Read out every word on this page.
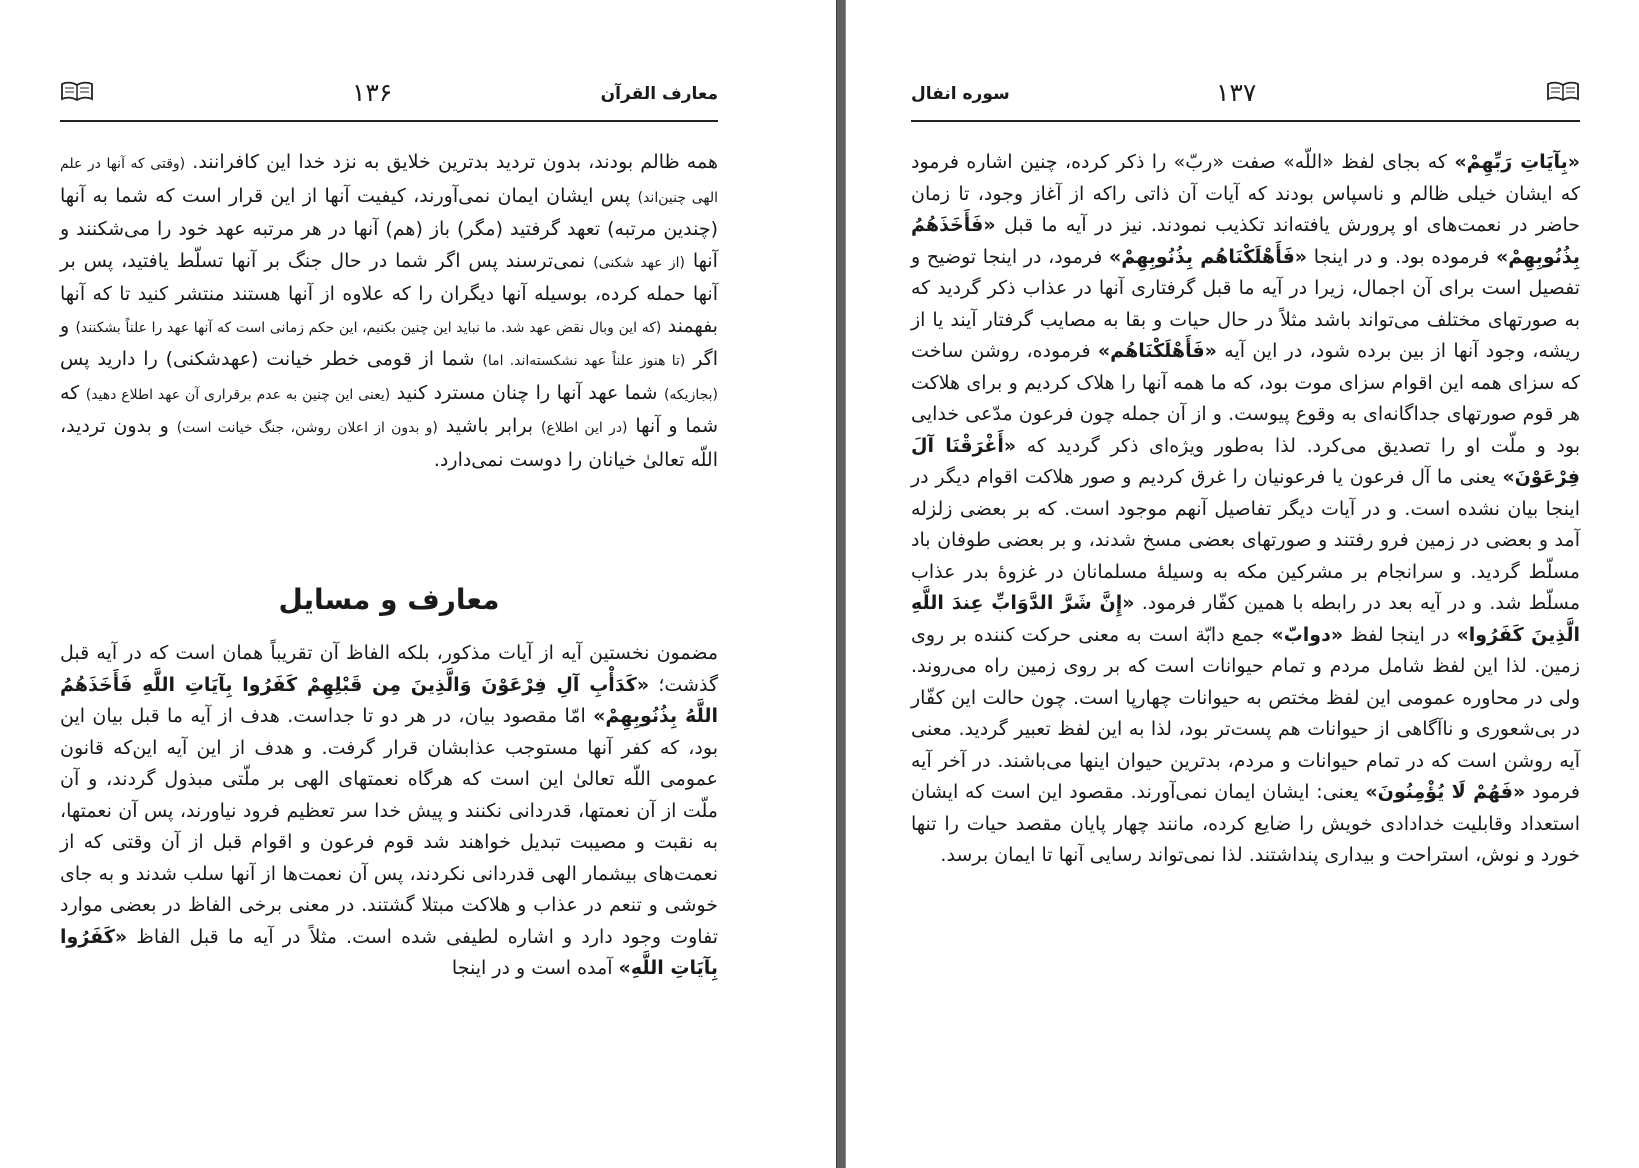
١٣۶	معارف القرآن

همه ظالم بودند، بدون تردید بدترین خلایق به نزد خدا این کافرانند. (وقتی که آنها در علم الهی چنین‌اند) پس ایشان ایمان نمی‌آورند، کیفیت آنها از این قرار است که شما به آنها (چندین مرتبه) تعهد گرفتید (مگر) باز (هم) آنها در هر مرتبه عهد خود را می‌شکنند و آنها (از عهد شکنی) نمی‌ترسند پس اگر شما در حال جنگ بر آنها تسلّط یافتید، پس بر آنها حمله کرده، بوسیله آنها دیگران را که علاوه از آنها هستند منتشر کنید تا که آنها بفهمند (که این وبال نقض عهد شد. ما نباید این چنین بکنیم، این حکم زمانی است که آنها عهد را علناً بشکنند) و اگر (تا هنوز علناً عهد نشکسته‌اند. اما) شما از قومی خطر خیانت (عهدشکنی) را دارید پس (بجازیکه) شما عهد آنها را چنان مسترد کنید (یعنی این چنین به عدم برقراری آن عهد اطلاع دهید) که شما و آنها (در این اطلاع) برابر باشید (و بدون از اعلان روشن، جنگ خیانت است) و بدون تردید، اللّه تعالیٰ خیانان را دوست نمی‌دارد.

معارف و مسایل

مضمون نخستین آیه از آیات مذکور، بلکه الفاظ آن تقریباً همان است که در آیه قبل گذشت؛ «كَدَأْبِ آلِ فِرْعَوْنَ وَالَّذِينَ مِن قَبْلِهِمْ كَفَرُوا بِآيَاتِ اللَّهِ فَأَخَذَهُمُ اللَّهُ بِذُنُوبِهِمْ» امّا مقصود بیان، در هر دو تا جداست. هدف از آیه ما قبل بیان این بود، که کفر آنها مستوجب عذابشان قرار گرفت. و هدف از این آیه این‌که قانون عمومی اللّه تعالیٰ این است که هرگاه نعمتهای الهی بر ملّتی مبذول گردند، و آن ملّت از آن نعمتها، قدردانی نکنند و پیش خدا سر تعظیم فرود نیاورند، پس آن نعمتها، به نقبت و مصیبت تبدیل خواهند شد قوم فرعون و اقوام قبل از آن وقتی که از نعمت‌های بیشمار الهی قدردانی نکردند، پس آن نعمت‌ها از آنها سلب شدند و به جای خوشی و تنعم در عذاب و هلاکت مبتلا گشتند. در معنی برخی الفاظ در بعضی موارد تفاوت وجود دارد و اشاره لطیفی شده است. مثلاً در آیه ما قبل الفاظ «كَفَرُوا بِآيَاتِ اللَّهِ» آمده است و در اینجا

سوره انفال	١٣٧

«بِآيَاتِ رَبِّهِمْ» که بجای لفظ «اللّه» صفت «ربّ» را ذکر کرده، چنین اشاره فرمود که ایشان خیلی ظالم و ناسپاس بودند که آیات آن ذاتی راکه از آغاز وجود، تا زمان حاضر در نعمت‌های او پرورش یافته‌اند تکذیب نمودند. نیز در آیه ما قبل «فَأَخَذَهُمُ بِذُنُوبِهِمْ» فرموده بود. و در اینجا «فَأَهْلَكْنَاهُم بِذُنُوبِهِمْ» فرمود، در اینجا توضیح و تفصیل است برای آن اجمال، زیرا در آیه ما قبل گرفتاری آنها در عذاب ذکر گردید که به صورتهای مختلف می‌تواند باشد مثلاً در حال حیات و بقا به مصایب گرفتار آیند یا از ریشه، وجود آنها از بین برده شود، در این آیه «فَأَهْلَكْنَاهُم» فرموده، روشن ساخت که سزای همه این اقوام سزای موت بود، که ما همه آنها را هلاک کردیم و برای هلاکت هر قوم صورتهای جداگانه‌ای به وقوع پیوست. و از آن جمله چون فرعون مدّعی خدایی بود و ملّت او را تصدیق می‌کرد. لذا به‌طور ویژه‌ای ذکر گردید که «أَغْرَقْنَا آلَ فِرْعَوْنَ» یعنی ما آل فرعون یا فرعونیان را غرق کردیم و صور هلاکت اقوام دیگر در اینجا بیان نشده است. و در آیات دیگر تفاصیل آنهم موجود است. که بر بعضی زلزله آمد و بعضی در زمین فرو رفتند و صورتهای بعضی مسخ شدند، و بر بعضی طوفان باد مسلّط گردید. و سرانجام بر مشرکین مکه به وسیلهٔ مسلمانان در غزوهٔ بدر عذاب مسلّط شد. و در آیه بعد در رابطه با همین کفّار فرمود. «إِنَّ شَرَّ الدَّوَابِّ عِندَ اللَّهِ الَّذِينَ كَفَرُوا» در اینجا لفظ «دوابّ» جمع دابّة است به معنی حرکت کننده بر روی زمین. لذا این لفظ شامل مردم و تمام حیوانات است که بر روی زمین راه می‌روند. ولی در محاوره عمومی این لفظ مختص به حیوانات چهارپا است. چون حالت این کفّار در بی‌شعوری و ناآگاهی از حیوانات هم پست‌تر بود، لذا به این لفظ تعبیر گردید. معنی آیه روشن است که در تمام حیوانات و مردم، بدترین حیوان اینها می‌باشند. در آخر آیه فرمود «فَهُمْ لَا يُؤْمِنُونَ» یعنی: ایشان ایمان نمی‌آورند. مقصود این است که ایشان استعداد وقابلیت خدادادی خویش را ضایع کرده، مانند چهار پایان مقصد حیات را تنها خورد و نوش، استراحت و بیداری پنداشتند. لذا نمی‌تواند رسایی آنها تا ایمان برسد.
